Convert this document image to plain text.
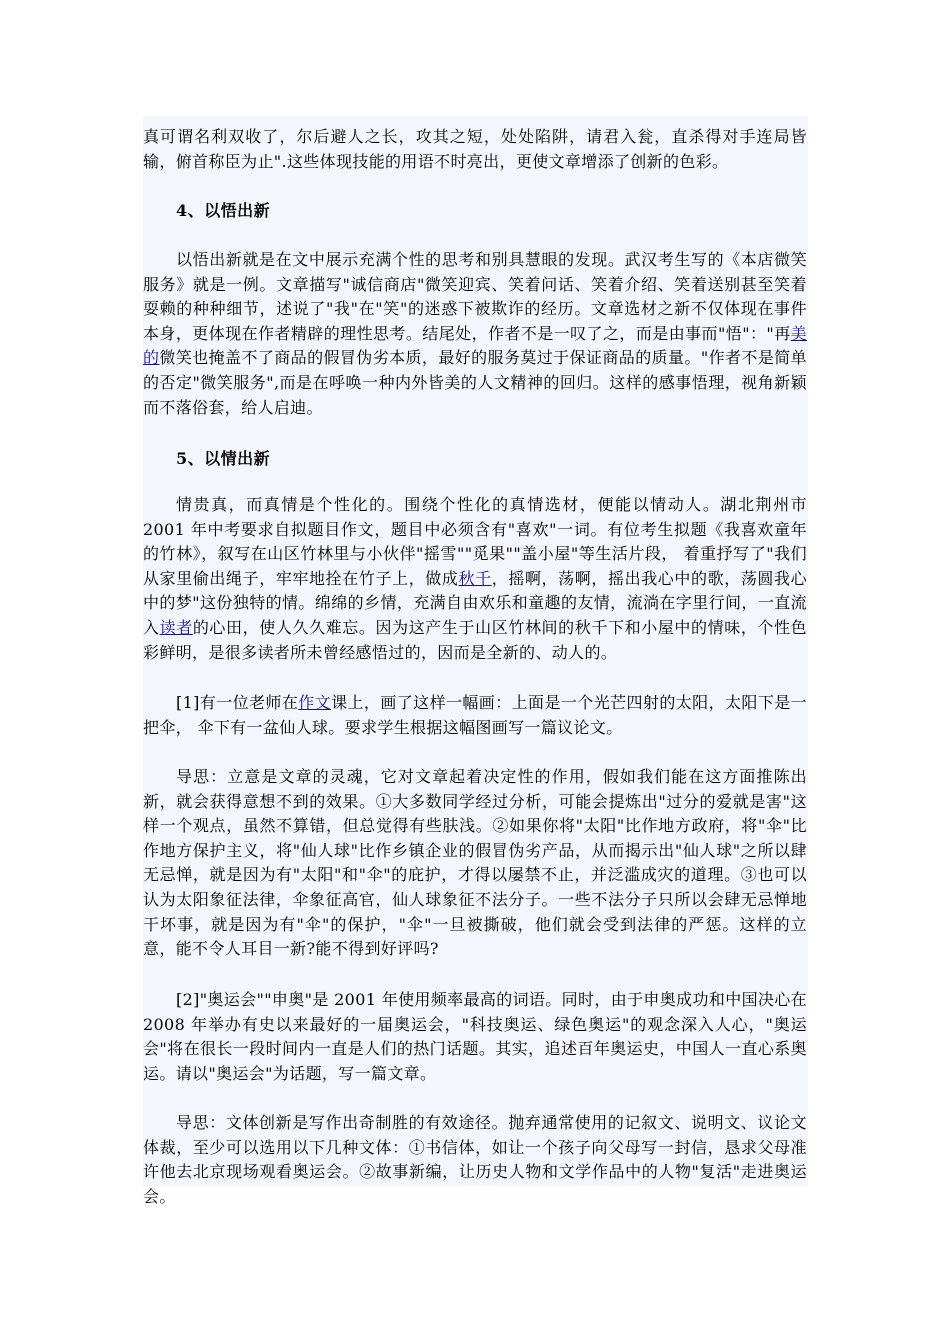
真可谓名利双收了，尔后避人之长，攻其之短，处处陷阱，请君入瓮，直杀得对手连局皆输，俯首称臣为止".这些体现技能的用语不时亮出，更使文章增添了创新的色彩。

4、以悟出新

以悟出新就是在文中展示充满个性的思考和别具慧眼的发现。武汉考生写的《本店微笑服务》就是一例。文章描写"诚信商店"微笑迎宾、笑着问话、笑着介绍、笑着送别甚至笑着耍赖的种种细节，述说了"我"在"笑"的迷惑下被欺诈的经历。文章选材之新不仅体现在事件本身，更体现在作者精辟的理性思考。结尾处，作者不是一叹了之，而是由事而"悟"："再美的微笑也掩盖不了商品的假冒伪劣本质，最好的服务莫过于保证商品的质量。"作者不是简单的否定"微笑服务",而是在呼唤一种内外皆美的人文精神的回归。这样的感事悟理，视角新颖而不落俗套，给人启迪。

5、以情出新

情贵真，而真情是个性化的。围绕个性化的真情选材，便能以情动人。湖北荆州市 2001 年中考要求自拟题目作文，题目中必须含有"喜欢"一词。有位考生拟题《我喜欢童年的竹林》，叙写在山区竹林里与小伙伴"摇雪""觅果""盖小屋"等生活片段， 着重抒写了"我们从家里偷出绳子，牢牢地拴在竹子上，做成秋千，摇啊，荡啊，摇出我心中的歌，荡圆我心中的梦"这份独特的情。绵绵的乡情，充满自由欢乐和童趣的友情，流淌在字里行间，一直流入读者的心田，使人久久难忘。因为这产生于山区竹林间的秋千下和小屋中的情味，个性色彩鲜明，是很多读者所未曾经感悟过的，因而是全新的、动人的。

[1]有一位老师在作文课上，画了这样一幅画：上面是一个光芒四射的太阳，太阳下是一把伞， 伞下有一盆仙人球。要求学生根据这幅图画写一篇议论文。

导思：立意是文章的灵魂，它对文章起着决定性的作用，假如我们能在这方面推陈出新，就会获得意想不到的效果。①大多数同学经过分析，可能会提炼出"过分的爱就是害"这样一个观点，虽然不算错，但总觉得有些肤浅。②如果你将"太阳"比作地方政府，将"伞"比作地方保护主义，将"仙人球"比作乡镇企业的假冒伪劣产品，从而揭示出"仙人球"之所以肆无忌惮，就是因为有"太阳"和"伞"的庇护，才得以屡禁不止，并泛滥成灾的道理。③也可以认为太阳象征法律，伞象征高官，仙人球象征不法分子。一些不法分子只所以会肆无忌惮地干坏事，就是因为有"伞"的保护，"伞"一旦被撕破，他们就会受到法律的严惩。这样的立意，能不令人耳目一新?能不得到好评吗?

[2]"奥运会""申奥"是 2001 年使用频率最高的词语。同时，由于申奥成功和中国决心在 2008 年举办有史以来最好的一届奥运会，"科技奥运、绿色奥运"的观念深入人心，"奥运会"将在很长一段时间内一直是人们的热门话题。其实，追述百年奥运史，中国人一直心系奥运。请以"奥运会"为话题，写一篇文章。

导思：文体创新是写作出奇制胜的有效途径。抛弃通常使用的记叙文、说明文、议论文体裁，至少可以选用以下几种文体：①书信体，如让一个孩子向父母写一封信，恳求父母准许他去北京现场观看奥运会。②故事新编，让历史人物和文学作品中的人物"复活"走进奥运会。
